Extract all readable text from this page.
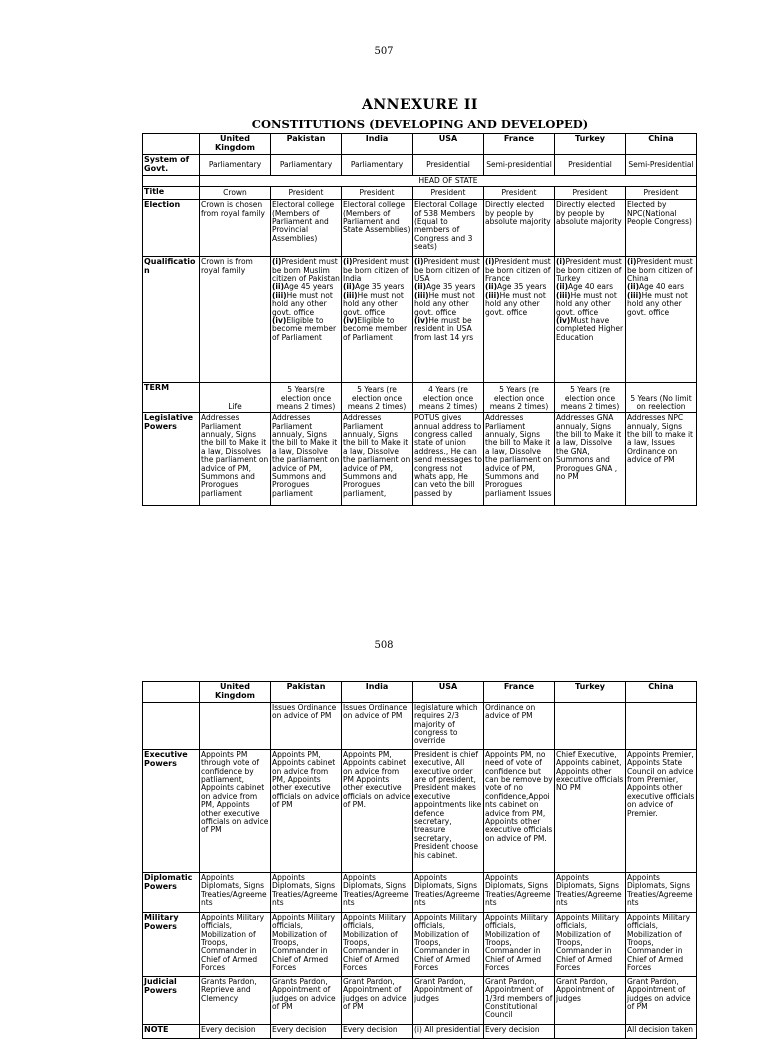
507
ANNEXURE II
CONSTITUTIONS (DEVELOPING AND DEVELOPED)
	United Kingdom	Pakistan	India	USA	France	Turkey	China
System of Govt.	Parliamentary	Parliamentary	Parliamentary	Presidential	Semi-presidential	Presidential	Semi-Presidential
	HEAD OF STATE						
Title	Crown	President	President	President	President	President	President
Election	Crown is chosen from royal family	Electoral college (Members of Parliament and Provincial Assemblies)	Electoral college (Members of Parliament and State Assemblies)	Electoral Collage of 538 Members (Equal to members of Congress and 3 seats)	Directly elected by people by absolute majority	Directly elected by people by absolute majority	Elected by NPC(National People Congress)
Qualification	Crown is from royal family	(i)President must be born Muslim citizen of Pakistan
(ii)Age 45 years
(iii)He must not hold any other govt. office
(iv)Eligible to become member of Parliament	(i)President must be born citizen of India
(ii)Age 35 years
(iii)He must not hold any other govt. office
(iv)Eligible to become member of Parliament	(i)President must be born citizen of USA
(ii)Age 35 years
(iii)He must not hold any other govt. office
(iv)He must be resident in USA from last 14 yrs	(i)President must be born citizen of France
(ii)Age 35 years
(iii)He must not hold any other govt. office	(i)President must be born citizen of Turkey
(ii)Age 40 ears
(iii)He must not hold any other govt. office
(iv)Must have completed Higher Education	(i)President must be born citizen of China
(ii)Age 40 ears
(iii)He must not hold any other govt. office

TERM	Life	5 Years(re election once means 2 times)	5 Years (re election once means 2 times)	4 Years (re election once means 2 times)	5 Years (re election once means 2 times)	5 Years (re election once means 2 times)	5 Years (No limit on reelection
Legislative Powers	Addresses Parliament annualy, Signs the bill to Make it a law, Dissolves the parliament on advice of PM, Summons and Prorogues parliament	Addresses Parliament annualy, Signs the bill to Make it a law, Dissolve the parliament on advice of PM, Summons and Prorogues parliament	Addresses Parliament annualy, Signs the bill to Make it a law, Dissolve the parliament on advice of PM, Summons and Prorogues parliament,	POTUS gives annual address to congress called state of union address., He can send messages to congress not whats app, He can veto the bill passed by	Addresses Parliament annualy, Signs the bill to Make it a law, Dissolve the parliament on advice of PM, Summons and Prorogues parliament Issues	Addresses GNA annualy, Signs the bill to Make it a law, Dissolve the GNA, Summons and Prorogues GNA , no PM	Addresses NPC annualy, Signs the bill to make it a law, Issues Ordinance on advice of PM
508
	United Kingdom	Pakistan	India	USA	France	Turkey	China
		Issues Ordinance on advice of PM	Issues Ordinance on advice of PM	legislature which requires 2/3 majority of congress to override	Ordinance on advice of PM		
Executive Powers	Appoints PM through vote of confidence by patliament, Appoints cabinet on advice from PM, Appoints other executive officials on advice of PM	Appoints PM, Appoints cabinet on advice from PM, Appoints other executive officials on advice of PM	Appoints PM, Appoints cabinet on advice from PM Appoints other executive officials on advice of PM.	President is chief executive, All executive order are of president, President makes executive appointments like defence secretary, treasure secretary, President choose his cabinet.	Appoints PM, no need of vote of confidence but can be remove by vote of no confidence,Appoi nts cabinet on advice from PM, Appoints other executive officials on advice of PM.	Chief Executive, Appoints cabinet, Appoints other executive officials NO PM	Appoints Premier, Appoints State Council on advice from Premier, Appoints other executive officials on advice of Premier.
Diplomatic Powers	Appoints Diplomats, Signs Treaties/Agreements	Appoints Diplomats, Signs Treaties/Agreements	Appoints Diplomats, Signs Treaties/Agreements	Appoints Diplomats, Signs Treaties/Agreements	Appoints Diplomats, Signs Treaties/Agreements	Appoints Diplomats, Signs Treaties/Agreements	Appoints Diplomats, Signs Treaties/Agreements
Military Powers	Appoints Military officials, Mobilization of Troops, Commander in Chief of Armed Forces	Appoints Military officials, Mobilization of Troops, Commander in Chief of Armed Forces	Appoints Military officials, Mobilization of Troops, Commander in Chief of Armed Forces	Appoints Military officials, Mobilization of Troops, Commander in Chief of Armed Forces	Appoints Military officials, Mobilization of Troops, Commander in Chief of Armed Forces	Appoints Military officials, Mobilization of Troops, Commander in Chief of Armed Forces	Appoints Military officials, Mobilization of Troops, Commander in Chief of Armed Forces
Judicial Powers	Grants Pardon, Reprieve and Clemency	Grants Pardon, Appointment of judges on advice of PM	Grant Pardon, Appointment of judges on advice of PM	Grant Pardon, Appointment of judges	Grant Pardon, Appointment of 1/3rd members of Constitutional Council	Grant Pardon, Appointment of judges	Grant Pardon, Appointment of judges on advice of PM
NOTE	Every decision	Every decision	Every decision	(i) All presidential	Every decision		All decision taken
